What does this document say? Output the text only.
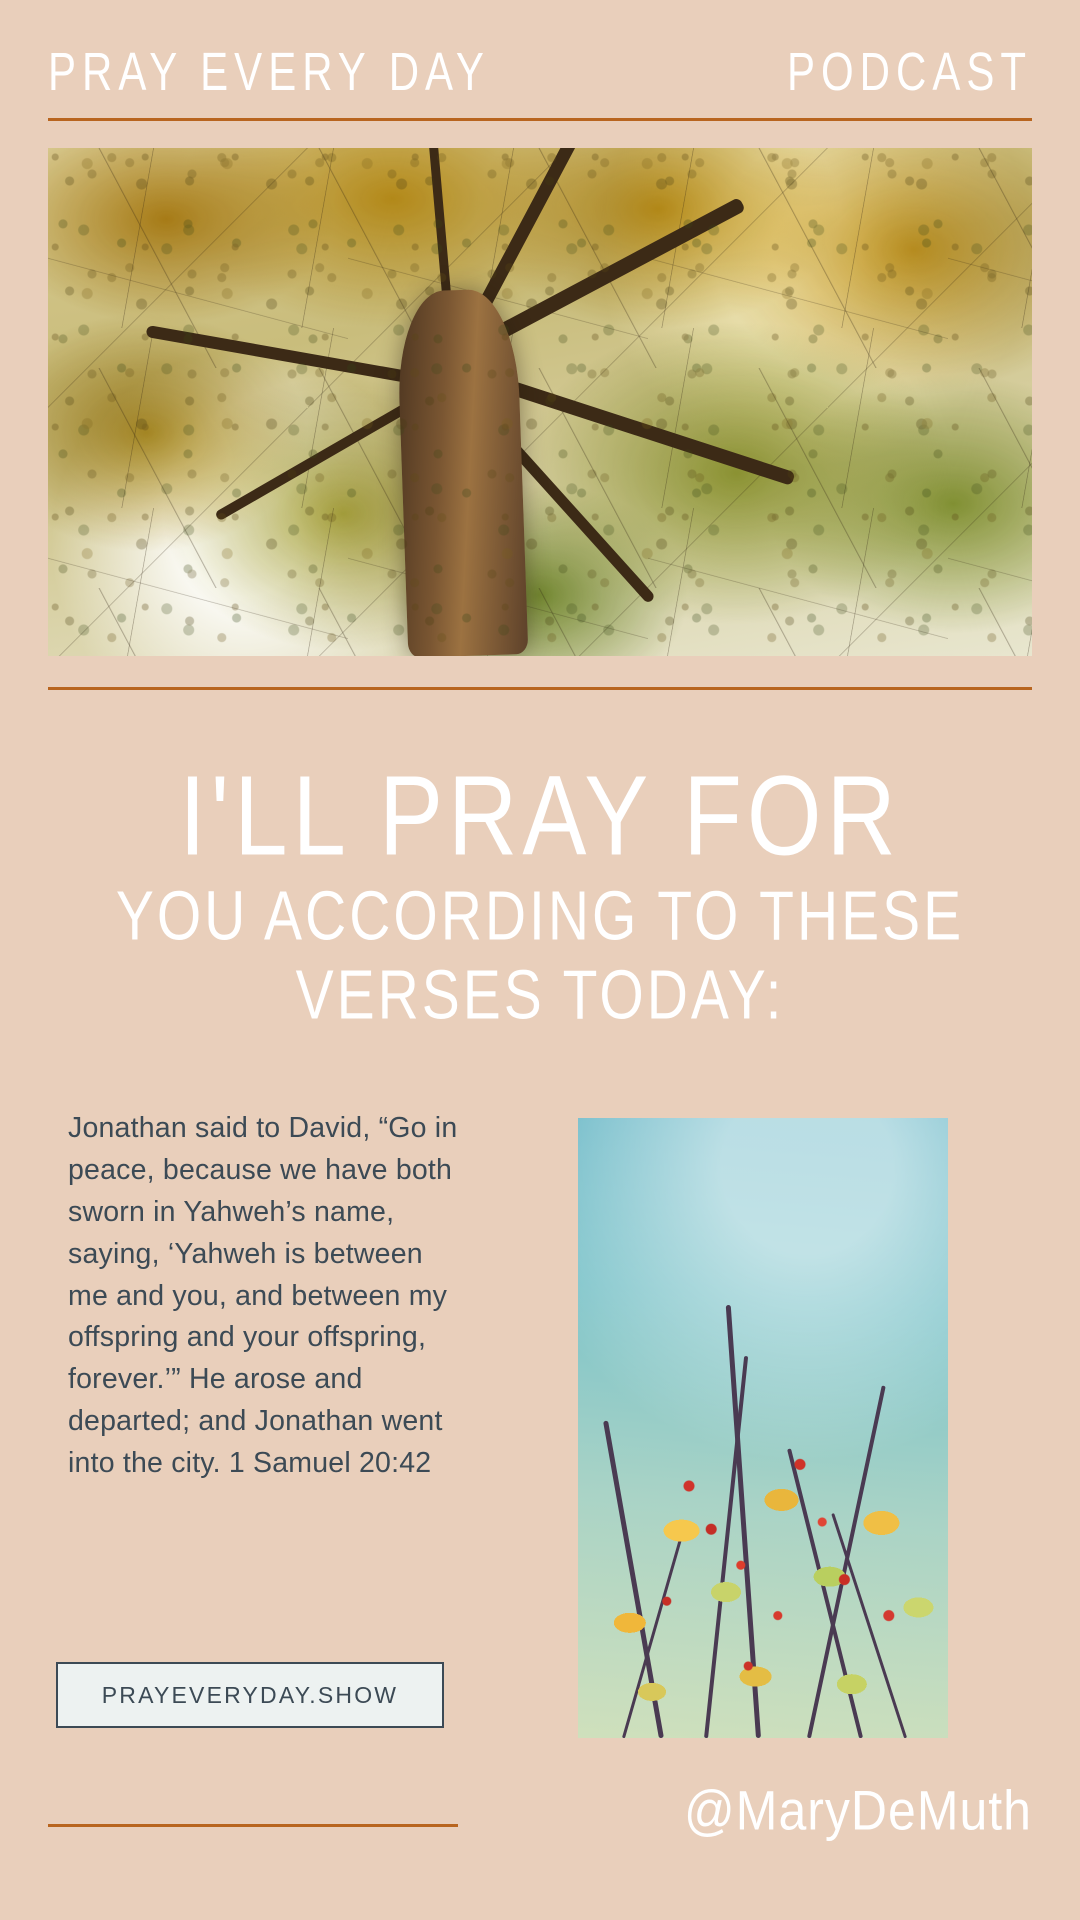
PRAY EVERY DAY	PODCAST
I'LL PRAY FOR
YOU ACCORDING TO THESE
VERSES TODAY:
Jonathan said to David, “Go in peace, because we have both sworn in Yahweh’s name, saying, ‘Yahweh is between me and you, and between my offspring and your offspring, forever.’” He arose and departed; and Jonathan went into the city. 1 Samuel 20:42
PRAYEVERYDAY.SHOW
@MaryDeMuth
